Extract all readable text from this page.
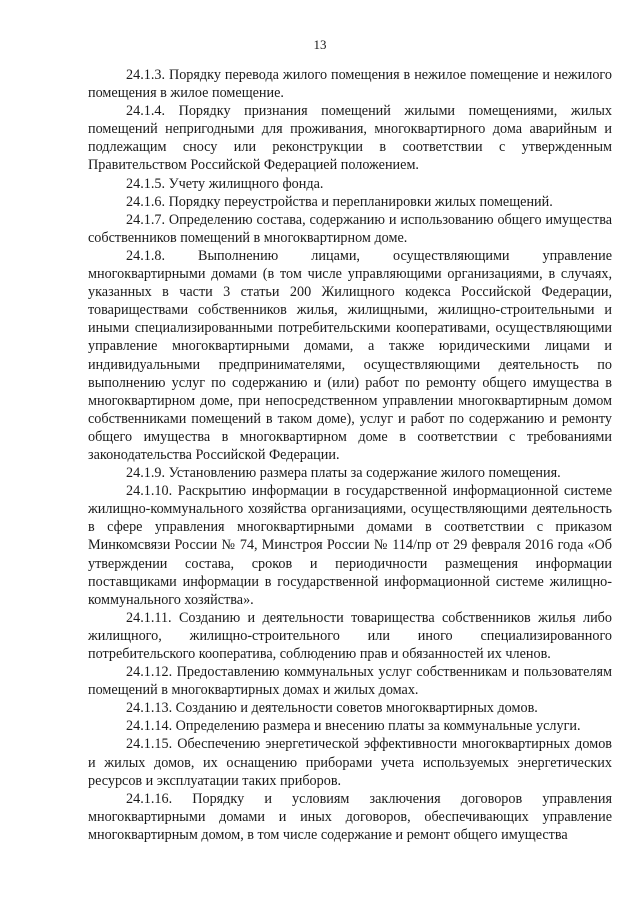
13

24.1.3. Порядку перевода жилого помещения в нежилое помещение и нежилого помещения в жилое помещение.

24.1.4. Порядку признания помещений жилыми помещениями, жилых помещений непригодными для проживания, многоквартирного дома аварийным и подлежащим сносу или реконструкции в соответствии с утвержденным Правительством Российской Федерацией положением.

24.1.5. Учету жилищного фонда.

24.1.6. Порядку переустройства и перепланировки жилых помещений.

24.1.7. Определению состава, содержанию и использованию общего имущества собственников помещений в многоквартирном доме.

24.1.8. Выполнению лицами, осуществляющими управление многоквартирными домами (в том числе управляющими организациями, в случаях, указанных в части 3 статьи 200 Жилищного кодекса Российской Федерации, товариществами собственников жилья, жилищными, жилищно-строительными и иными специализированными потребительскими кооперативами, осуществляющими управление многоквартирными домами, а также юридическими лицами и индивидуальными предпринимателями, осуществляющими деятельность по выполнению услуг по содержанию и (или) работ по ремонту общего имущества в многоквартирном доме, при непосредственном управлении многоквартирным домом собственниками помещений в таком доме), услуг и работ по содержанию и ремонту общего имущества в многоквартирном доме в соответствии с требованиями законодательства Российской Федерации.

24.1.9. Установлению размера платы за содержание жилого помещения.

24.1.10. Раскрытию информации в государственной информационной системе жилищно-коммунального хозяйства организациями, осуществляющими деятельность в сфере управления многоквартирными домами в соответствии с приказом Минкомсвязи России № 74, Минстроя России № 114/пр от 29 февраля 2016 года «Об утверждении состава, сроков и периодичности размещения информации поставщиками информации в государственной информационной системе жилищно-коммунального хозяйства».

24.1.11. Созданию и деятельности товарищества собственников жилья либо жилищного, жилищно-строительного или иного специализированного потребительского кооператива, соблюдению прав и обязанностей их членов.

24.1.12. Предоставлению коммунальных услуг собственникам и пользователям помещений в многоквартирных домах и жилых домах.

24.1.13. Созданию и деятельности советов многоквартирных домов.

24.1.14. Определению размера и внесению платы за коммунальные услуги.

24.1.15. Обеспечению энергетической эффективности многоквартирных домов и жилых домов, их оснащению приборами учета используемых энергетических ресурсов и эксплуатации таких приборов.

24.1.16. Порядку и условиям заключения договоров управления многоквартирными домами и иных договоров, обеспечивающих управление многоквартирным домом, в том числе содержание и ремонт общего имущества
